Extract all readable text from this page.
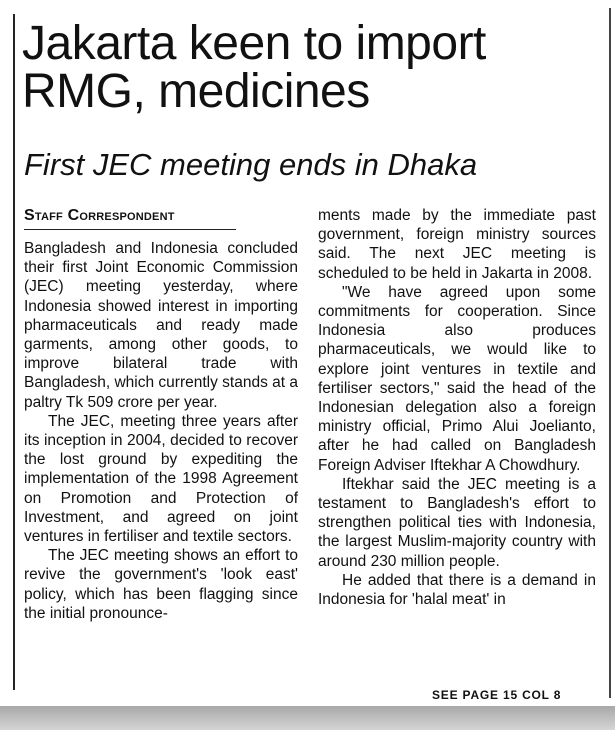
Jakarta keen to import RMG, medicines
First JEC meeting ends in Dhaka
Staff Correspondent

Bangladesh and Indonesia concluded their first Joint Economic Commission (JEC) meeting yesterday, where Indonesia showed interest in importing pharmaceuticals and ready made garments, among other goods, to improve bilateral trade with Bangladesh, which currently stands at a paltry Tk 509 crore per year.

The JEC, meeting three years after its inception in 2004, decided to recover the lost ground by expediting the implementation of the 1998 Agreement on Promotion and Protection of Investment, and agreed on joint ventures in fertiliser and textile sectors.

The JEC meeting shows an effort to revive the government's 'look east' policy, which has been flagging since the initial pronounce-

ments made by the immediate past government, foreign ministry sources said. The next JEC meeting is scheduled to be held in Jakarta in 2008.

"We have agreed upon some commitments for cooperation. Since Indonesia also produces pharmaceuticals, we would like to explore joint ventures in textile and fertiliser sectors," said the head of the Indonesian delegation also a foreign ministry official, Primo Alui Joelianto, after he had called on Bangladesh Foreign Adviser Iftekhar A Chowdhury.

Iftekhar said the JEC meeting is a testament to Bangladesh's effort to strengthen political ties with Indonesia, the largest Muslim-majority country with around 230 million people.

He added that there is a demand in Indonesia for 'halal meat' in

SEE PAGE 15 COL 8
